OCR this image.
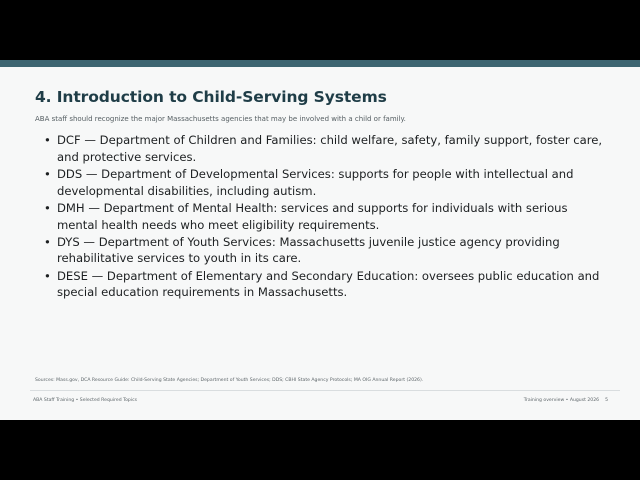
4. Introduction to Child-Serving Systems

ABA staff should recognize the major Massachusetts agencies that may be involved with a child or family.

• DCF — Department of Children and Families: child welfare, safety, family support, foster care, and protective services.
• DDS — Department of Developmental Services: supports for people with intellectual and developmental disabilities, including autism.
• DMH — Department of Mental Health: services and supports for individuals with serious mental health needs who meet eligibility requirements.
• DYS — Department of Youth Services: Massachusetts juvenile justice agency providing rehabilitative services to youth in its care.
• DESE — Department of Elementary and Secondary Education: oversees public education and special education requirements in Massachusetts.

Sources: Mass.gov, DCA Resource Guide: Child-Serving State Agencies; Department of Youth Services; DDS; CBHI State Agency Protocols; MA OIG Annual Report (2026).

ABA Staff Training • Selected Required Topics	Training overview • August 2026 5
